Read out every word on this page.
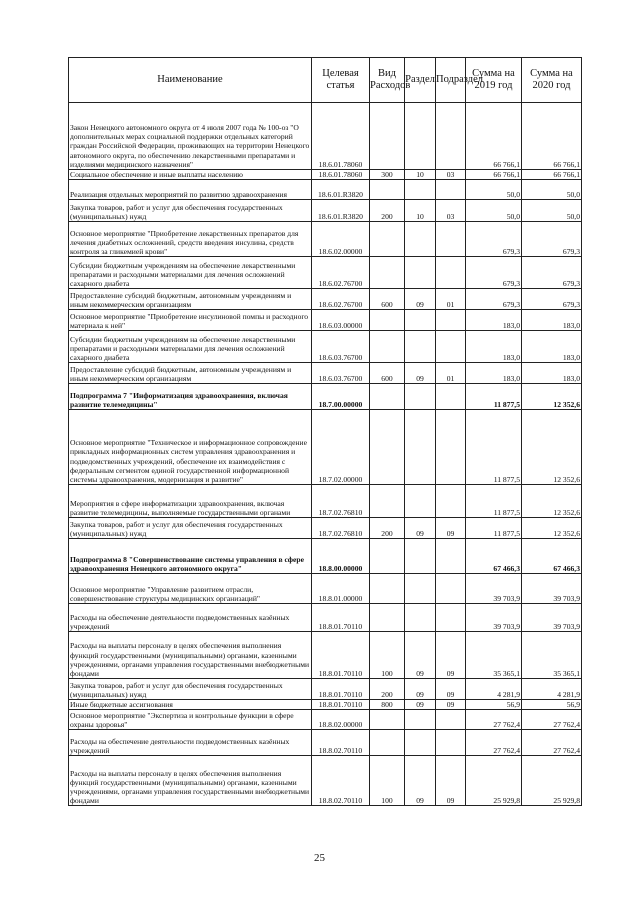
Наименование	Целевая статья	Вид Расходов	Раздел	Подраздел	Сумма на 2019 год	Сумма на 2020 год
Закон Ненецкого автономного округа от 4 июля 2007 года № 100-оз "О дополнительных мерах социальной поддержки отдельных категорий граждан Российской Федерации, проживающих на территории Ненецкого автономного округа, по обеспечению лекарственными препаратами и изделиями медицинского назначения"	18.6.01.78060				66 766,1	66 766,1
Социальное обеспечение и иные выплаты населению	18.6.01.78060	300	10	03	66 766,1	66 766,1
Реализация отдельных мероприятий по развитию здравоохранения	18.6.01.R3820				50,0	50,0
Закупка товаров, работ и услуг для обеспечения государственных (муниципальных) нужд	18.6.01.R3820	200	10	03	50,0	50,0
Основное мероприятие "Приобретение лекарственных препаратов для лечения диабетных осложнений, средств введения инсулина, средств контроля за гликемией крови"	18.6.02.00000				679,3	679,3
Субсидии бюджетным учреждениям на обеспечение лекарственными препаратами и расходными материалами для лечения осложнений сахарного диабета	18.6.02.76700				679,3	679,3
Предоставление субсидий бюджетным, автономным учреждениям и иным некоммерческим организациям	18.6.02.76700	600	09	01	679,3	679,3
Основное мероприятие "Приобретение инсулиновой помпы и расходного материала к ней"	18.6.03.00000				183,0	183,0
Субсидии бюджетным учреждениям на обеспечение лекарственными препаратами и расходными материалами для лечения осложнений сахарного диабета	18.6.03.76700				183,0	183,0
Предоставление субсидий бюджетным, автономным учреждениям и иным некоммерческим организациям	18.6.03.76700	600	09	01	183,0	183,0
Подпрограмма 7 "Информатизация здравоохранения, включая развитие телемедицины"	18.7.00.00000				11 877,5	12 352,6
Основное мероприятие "Техническое и информационное сопровождение прикладных информационных систем управления здравоохранения и подведомственных учреждений, обеспечение их взаимодействия с федеральным сегментом единой государственной информационной системы здравоохранения, модернизация и развитие"	18.7.02.00000				11 877,5	12 352,6
Мероприятия в сфере информатизации здравоохранения, включая развитие телемедицины, выполняемые государственными органами	18.7.02.76810				11 877,5	12 352,6
Закупка товаров, работ и услуг для обеспечения государственных (муниципальных) нужд	18.7.02.76810	200	09	09	11 877,5	12 352,6
Подпрограмма 8 "Совершенствование системы управления в сфере здравоохранения Ненецкого автономного округа"	18.8.00.00000				67 466,3	67 466,3
Основное мероприятие "Управление развитием отрасли, совершенствование структуры медицинских организаций"	18.8.01.00000				39 703,9	39 703,9
Расходы на обеспечение деятельности подведомственных казённых учреждений	18.8.01.70110				39 703,9	39 703,9
Расходы на выплаты персоналу в целях обеспечения выполнения функций государственными (муниципальными) органами, казенными учреждениями, органами управления государственными внебюджетными фондами	18.8.01.70110	100	09	09	35 365,1	35 365,1
Закупка товаров, работ и услуг для обеспечения государственных (муниципальных) нужд	18.8.01.70110	200	09	09	4 281,9	4 281,9
Иные бюджетные ассигнования	18.8.01.70110	800	09	09	56,9	56,9
Основное мероприятие "Экспертиза и контрольные функции в сфере охраны здоровья"	18.8.02.00000				27 762,4	27 762,4
Расходы на обеспечение деятельности подведомственных казённых учреждений	18.8.02.70110				27 762,4	27 762,4
Расходы на выплаты персоналу в целях обеспечения выполнения функций государственными (муниципальными) органами, казенными учреждениями, органами управления государственными внебюджетными фондами	18.8.02.70110	100	09	09	25 929,8	25 929,8
25
